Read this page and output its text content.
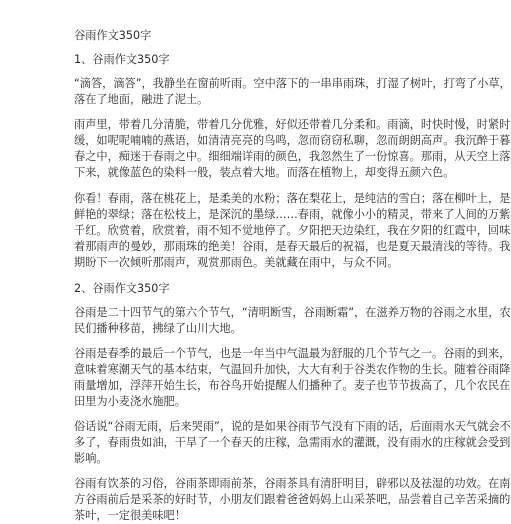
谷雨作文350字
1、谷雨作文350字
“滴答，滴答”，我静坐在窗前听雨。空中落下的一串串雨珠，打湿了树叶，打弯了小草，
落在了地面，融进了泥土。
雨声里，带着几分清脆，带着几分优雅，好似还带着几分柔和。雨滴，时快时慢，时紧时
缓，如呢呢喃喃的燕语，如清清亮亮的鸟鸣，忽而窃窃私聊，忽而朗朗高声。我沉醉于暮
春之中，痴迷于春雨之中。细细端详雨的颜色，我忽然生了一份惊喜。那雨，从天空上落
下来，就像蓝色的染料一般，装点着大地。而落在植物上，却变得五颜六色。
你看！春雨，落在桃花上，是柔美的水粉；落在梨花上，是纯洁的雪白；落在柳叶上，是
鲜艳的翠绿；落在松枝上，是深沉的墨绿……春雨，就像小小的精灵，带来了人间的万紫
千红。欣赏着，欣赏着，雨不知不觉地停了。夕阳把天边染红，我在夕阳的红霞中，回味
着那雨声的曼妙，那雨珠的绝美！谷雨，是春天最后的祝福，也是夏天最清浅的等待。我
期盼下一次倾听那雨声，观赏那雨色。美就藏在雨中，与众不同。
2、谷雨作文350字
谷雨是二十四节气的第六个节气，“清明断雪，谷雨断霜”，在滋养万物的谷雨之水里，农
民们播种移苗，拂绿了山川大地。
谷雨是春季的最后一个节气，也是一年当中气温最为舒服的几个节气之一。谷雨的到来，
意味着寒潮天气的基本结束，气温回升加快，大大有利于谷类农作物的生长。随着谷雨降
雨量增加，浮萍开始生长，布谷鸟开始提醒人们播种了。麦子也节节拔高了，几个农民在
田里为小麦浇水施肥。
俗话说“谷雨无雨，后来哭雨”，说的是如果谷雨节气没有下雨的话，后面雨水天气就会不
多了，春雨贵如油，干旱了一个春天的庄稼，急需雨水的灌溉，没有雨水的庄稼就会受到
影响。
谷雨有饮茶的习俗，谷雨茶即雨前茶，谷雨茶具有清肝明目，辟邪以及祛湿的功效。在南
方谷雨前后是采茶的好时节，小朋友们跟着爸爸妈妈上山采茶吧，品尝着自己辛苦采摘的
茶叶，一定很美味吧！
